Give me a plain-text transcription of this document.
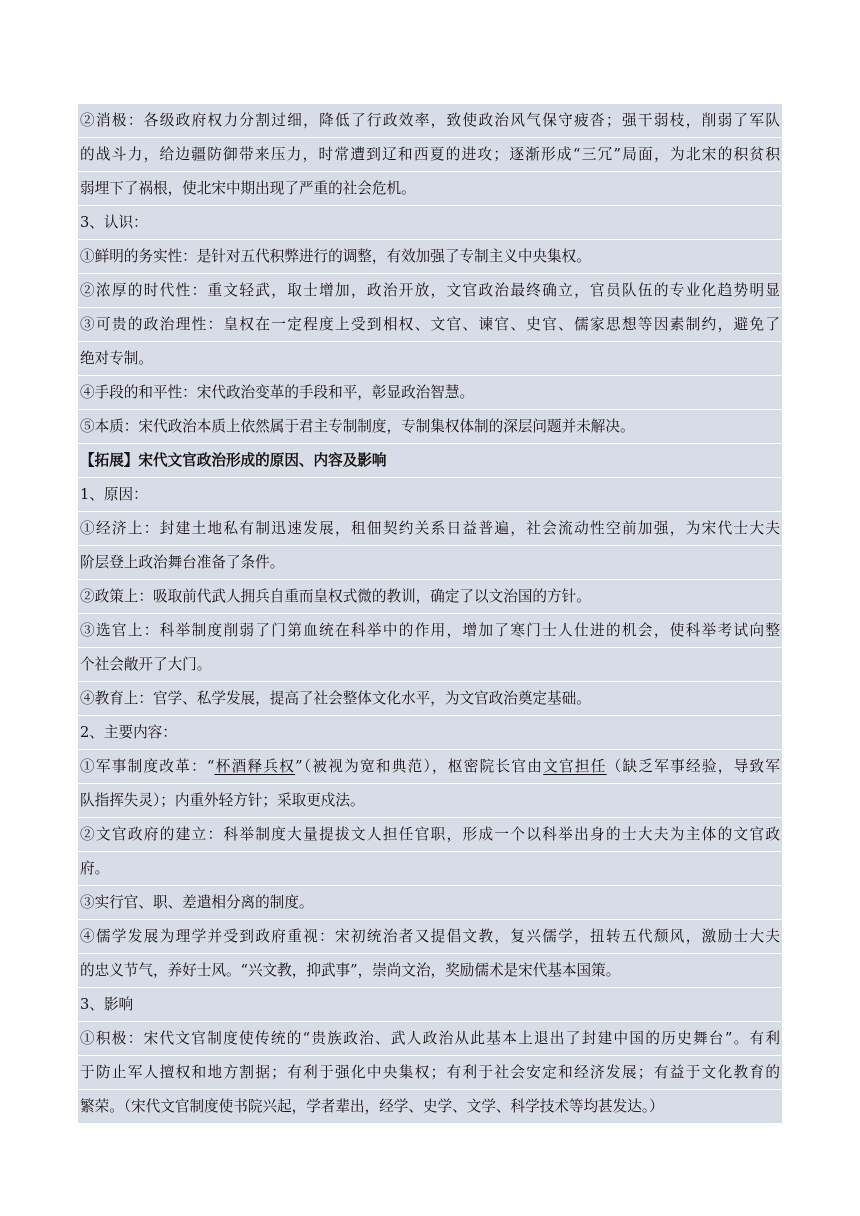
②消极：各级政府权力分割过细，降低了行政效率，致使政治风气保守疲沓；强干弱枝，削弱了军队
的战斗力，给边疆防御带来压力，时常遭到辽和西夏的进攻；逐渐形成“三冗”局面，为北宋的积贫积
弱埋下了祸根，使北宋中期出现了严重的社会危机。
3、认识：
①鲜明的务实性：是针对五代积弊进行的调整，有效加强了专制主义中央集权。
②浓厚的时代性：重文轻武，取士增加，政治开放，文官政治最终确立，官员队伍的专业化趋势明显
③可贵的政治理性：皇权在一定程度上受到相权、文官、谏官、史官、儒家思想等因素制约，避免了
绝对专制。
④手段的和平性：宋代政治变革的手段和平，彰显政治智慧。
⑤本质：宋代政治本质上依然属于君主专制制度，专制集权体制的深层问题并未解决。
【拓展】宋代文官政治形成的原因、内容及影响
1、原因：
①经济上：封建土地私有制迅速发展，租佃契约关系日益普遍，社会流动性空前加强，为宋代士大夫
阶层登上政治舞台准备了条件。
②政策上：吸取前代武人拥兵自重而皇权式微的教训，确定了以文治国的方针。
③选官上：科举制度削弱了门第血统在科举中的作用，增加了寒门士人仕进的机会，使科举考试向整
个社会敞开了大门。
④教育上：官学、私学发展，提高了社会整体文化水平，为文官政治奠定基础。
2、主要内容：
①军事制度改革：“杯酒释兵权”（被视为宽和典范），枢密院长官由文官担任（缺乏军事经验，导致军
队指挥失灵）；内重外轻方针；采取更戍法。
②文官政府的建立：科举制度大量提拔文人担任官职，形成一个以科举出身的士大夫为主体的文官政
府。
③实行官、职、差遣相分离的制度。
④儒学发展为理学并受到政府重视：宋初统治者又提倡文教，复兴儒学，扭转五代颓风，激励士大夫
的忠义节气，养好士风。“兴文教，抑武事”，崇尚文治，奖励儒术是宋代基本国策。
3、影响
①积极：宋代文官制度使传统的“贵族政治、武人政治从此基本上退出了封建中国的历史舞台”。有利
于防止军人擅权和地方割据；有利于强化中央集权；有利于社会安定和经济发展；有益于文化教育的
繁荣。（宋代文官制度使书院兴起，学者辈出，经学、史学、文学、科学技术等均甚发达。）
